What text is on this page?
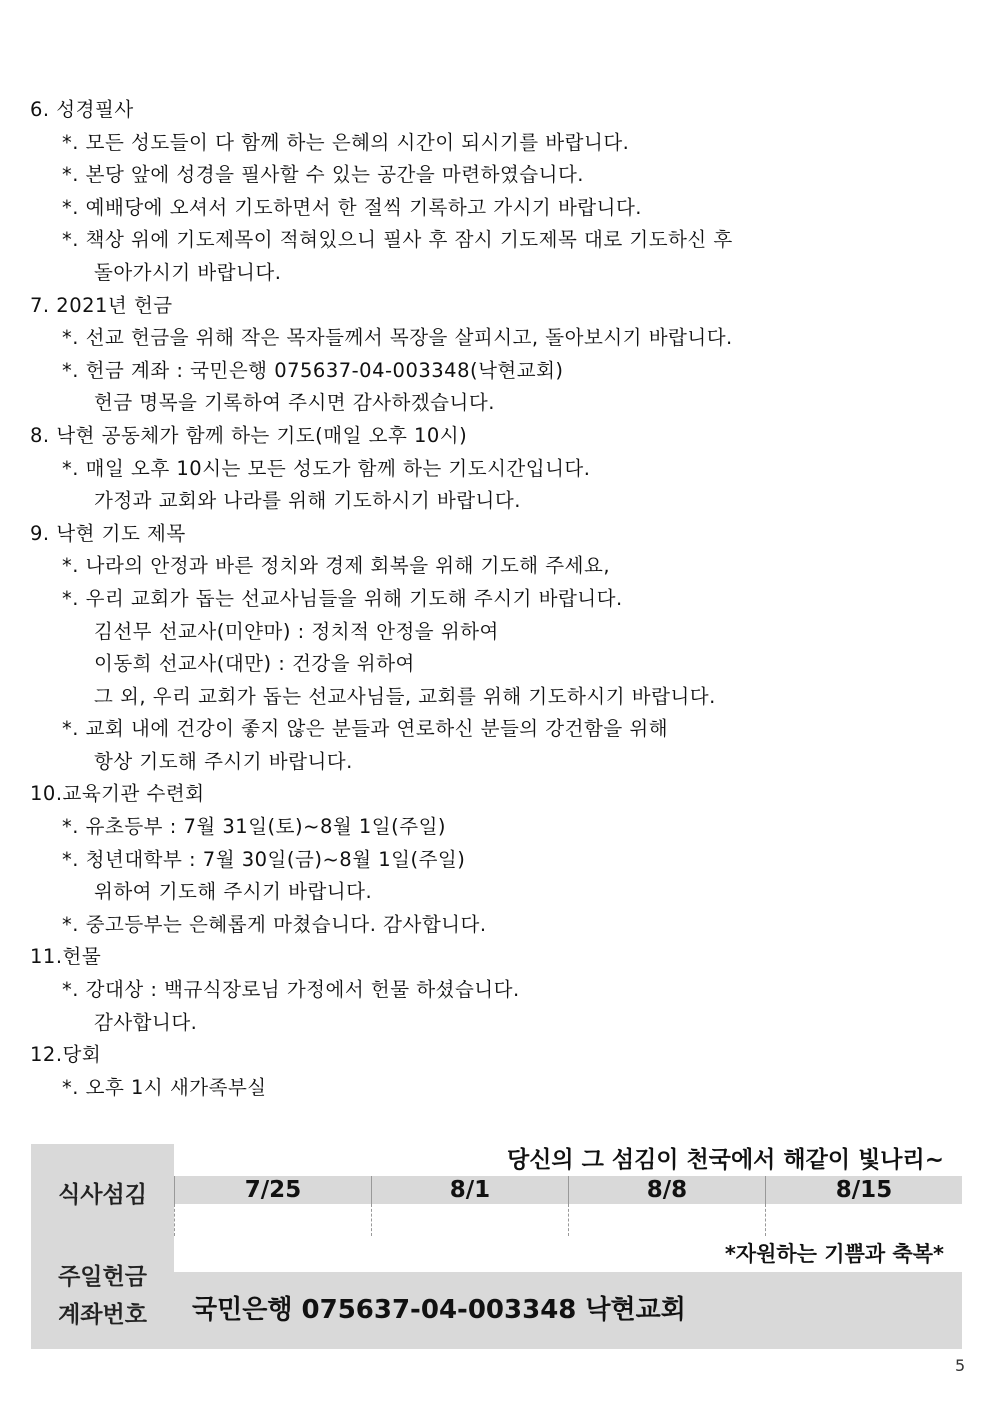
6. 성경필사
*. 모든 성도들이 다 함께 하는 은혜의 시간이 되시기를 바랍니다.
*. 본당 앞에 성경을 필사할 수 있는 공간을 마련하였습니다.
*. 예배당에 오셔서 기도하면서 한 절씩 기록하고 가시기 바랍니다.
*. 책상 위에 기도제목이 적혀있으니 필사 후 잠시 기도제목 대로 기도하신 후
돌아가시기 바랍니다.
7. 2021년 헌금
*. 선교 헌금을 위해 작은 목자들께서 목장을 살피시고, 돌아보시기 바랍니다.
*. 헌금 계좌 : 국민은행 075637-04-003348(낙현교회)
헌금 명목을 기록하여 주시면 감사하겠습니다.
8. 낙현 공동체가 함께 하는 기도(매일 오후 10시)
*. 매일 오후 10시는 모든 성도가 함께 하는 기도시간입니다.
가정과 교회와 나라를 위해 기도하시기 바랍니다.
9. 낙현 기도 제목
*. 나라의 안정과 바른 정치와 경제 회복을 위해 기도해 주세요,
*. 우리 교회가 돕는 선교사님들을 위해 기도해 주시기 바랍니다.
김선무 선교사(미얀마) : 정치적 안정을 위하여
이동희 선교사(대만) : 건강을 위하여
그 외, 우리 교회가 돕는 선교사님들, 교회를 위해 기도하시기 바랍니다.
*. 교회 내에 건강이 좋지 않은 분들과 연로하신 분들의 강건함을 위해
항상 기도해 주시기 바랍니다.
10.교육기관 수련회
*. 유초등부 : 7월 31일(토)~8월 1일(주일)
*. 청년대학부 : 7월 30일(금)~8월 1일(주일)
위하여 기도해 주시기 바랍니다.
*. 중고등부는 은혜롭게 마쳤습니다. 감사합니다.
11.헌물
*. 강대상 : 백규식장로님 가정에서 헌물 하셨습니다.
감사합니다.
12.당회
*. 오후 1시 새가족부실
식사섬김
주일헌금
계좌번호
당신의 그 섬김이 천국에서 해같이 빛나리~
7/25	8/1	8/8	8/15
*자원하는 기쁨과 축복*
국민은행 075637-04-003348 낙현교회
5
